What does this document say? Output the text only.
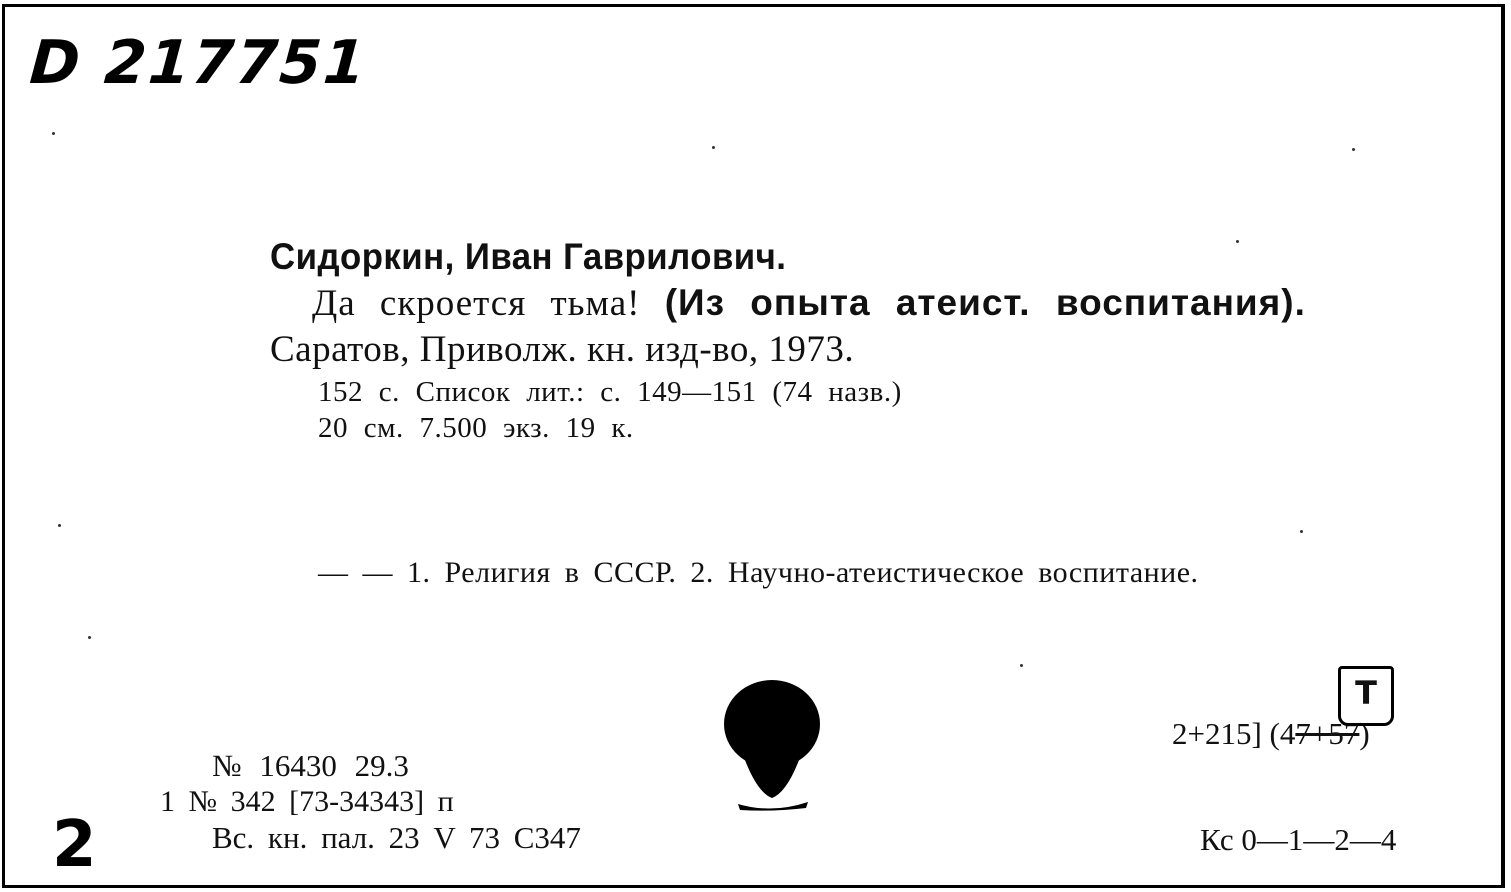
D 217751
Сидоркин, Иван Гаврилович.
Да скроется тьма! (Из опыта атеист. воспитания).
Саратов, Приволж. кн. изд-во, 1973.
152 с. Список лит.: с. 149—151 (74 назв.)
20 см. 7.500 экз. 19 к.
— — 1. Религия в СССР. 2. Научно-атеистическое воспитание.
№ 16430 29.3
1 № 342 [73-34343] п
Вс. кн. пал. 23 V 73 С347
2+215] (47+57)
Т
Кс 0—1—2—4
2
